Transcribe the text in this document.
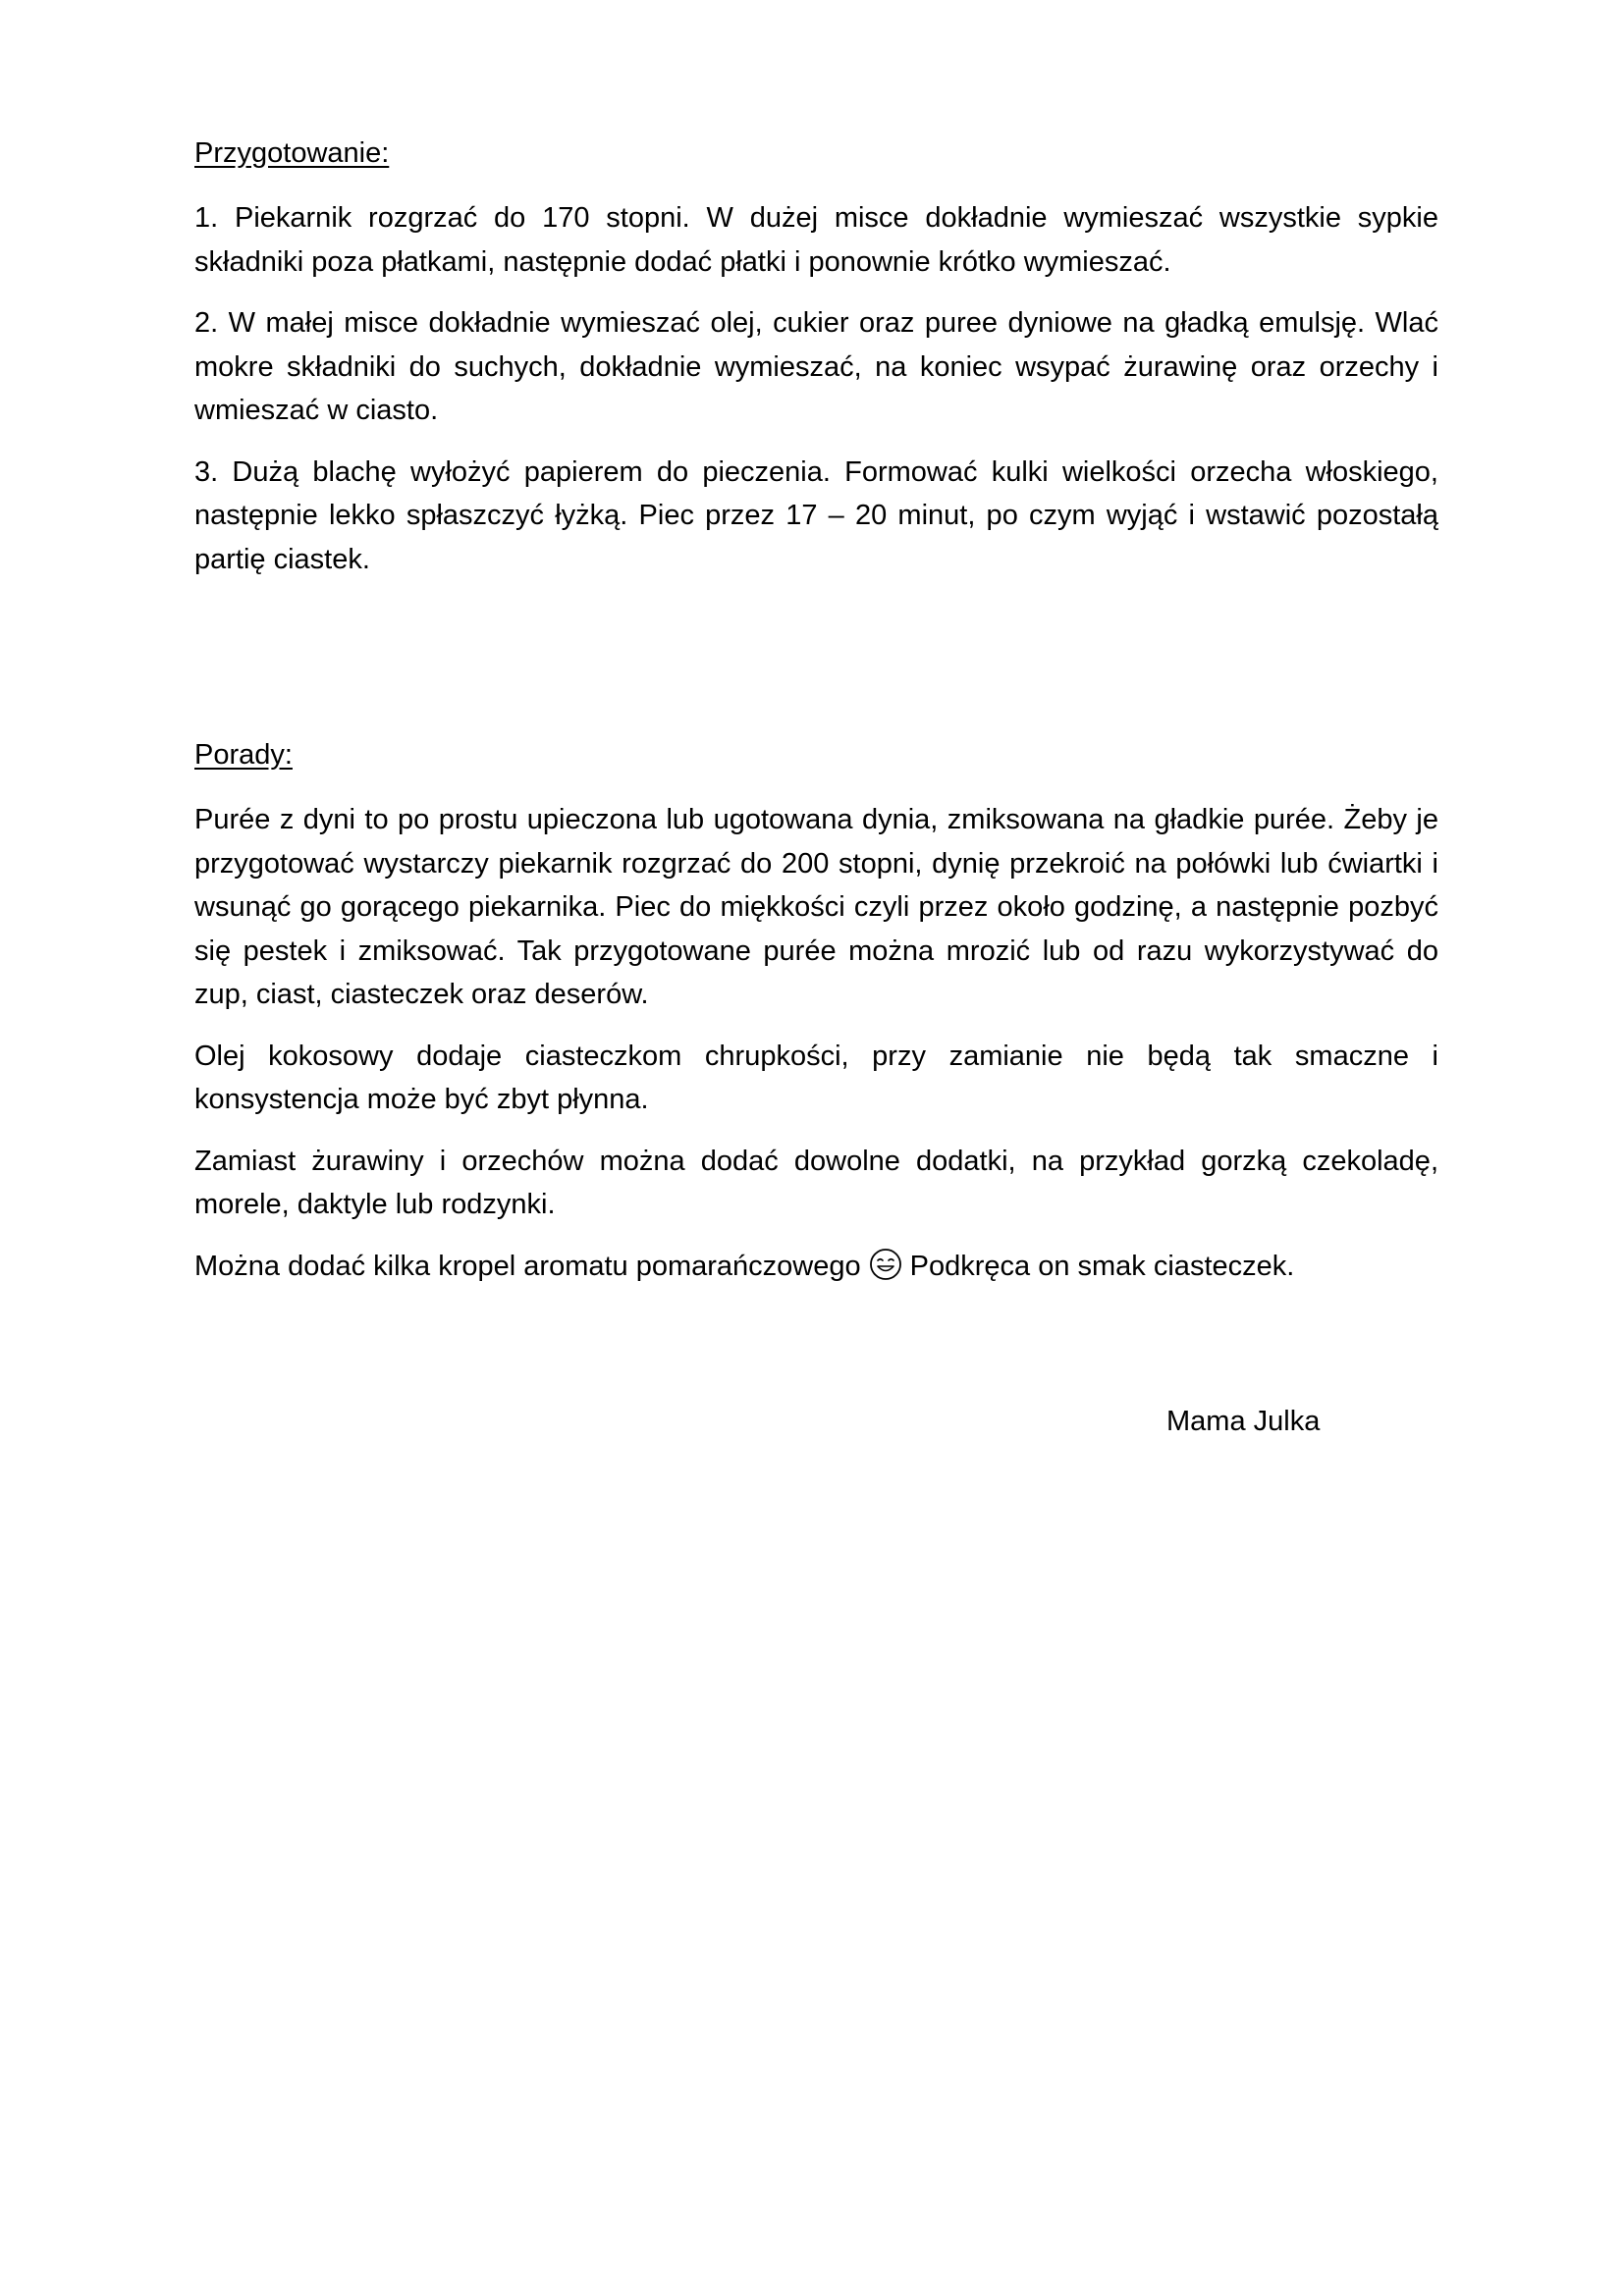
Przygotowanie:

1. Piekarnik rozgrzać do 170 stopni. W dużej misce dokładnie wymieszać wszystkie sypkie składniki poza płatkami, następnie dodać płatki i ponownie krótko wymieszać.

2. W małej misce dokładnie wymieszać olej, cukier oraz puree dyniowe na gładką emulsję. Wlać mokre składniki do suchych, dokładnie wymieszać, na koniec wsypać żurawinę oraz orzechy i wmieszać w ciasto.

3. Dużą blachę wyłożyć papierem do pieczenia. Formować kulki wielkości orzecha włoskiego, następnie lekko spłaszczyć łyżką. Piec przez 17 – 20 minut, po czym wyjąć i wstawić pozostałą partię ciastek.

Porady:

Purée z dyni to po prostu upieczona lub ugotowana dynia, zmiksowana na gładkie purée. Żeby je przygotować wystarczy piekarnik rozgrzać do 200 stopni, dynię przekroić na połówki lub ćwiartki i wsunąć go gorącego piekarnika. Piec do miękkości czyli przez około godzinę, a następnie pozbyć się pestek i zmiksować. Tak przygotowane purée można mrozić lub od razu wykorzystywać do zup, ciast, ciasteczek oraz deserów.

Olej kokosowy dodaje ciasteczkom chrupkości, przy zamianie nie będą tak smaczne i konsystencja może być zbyt płynna.

Zamiast żurawiny i orzechów można dodać dowolne dodatki, na przykład gorzką czekoladę, morele, daktyle lub rodzynki.

Można dodać kilka kropel aromatu pomarańczowego Podkręca on smak ciasteczek.

Mama Julka
